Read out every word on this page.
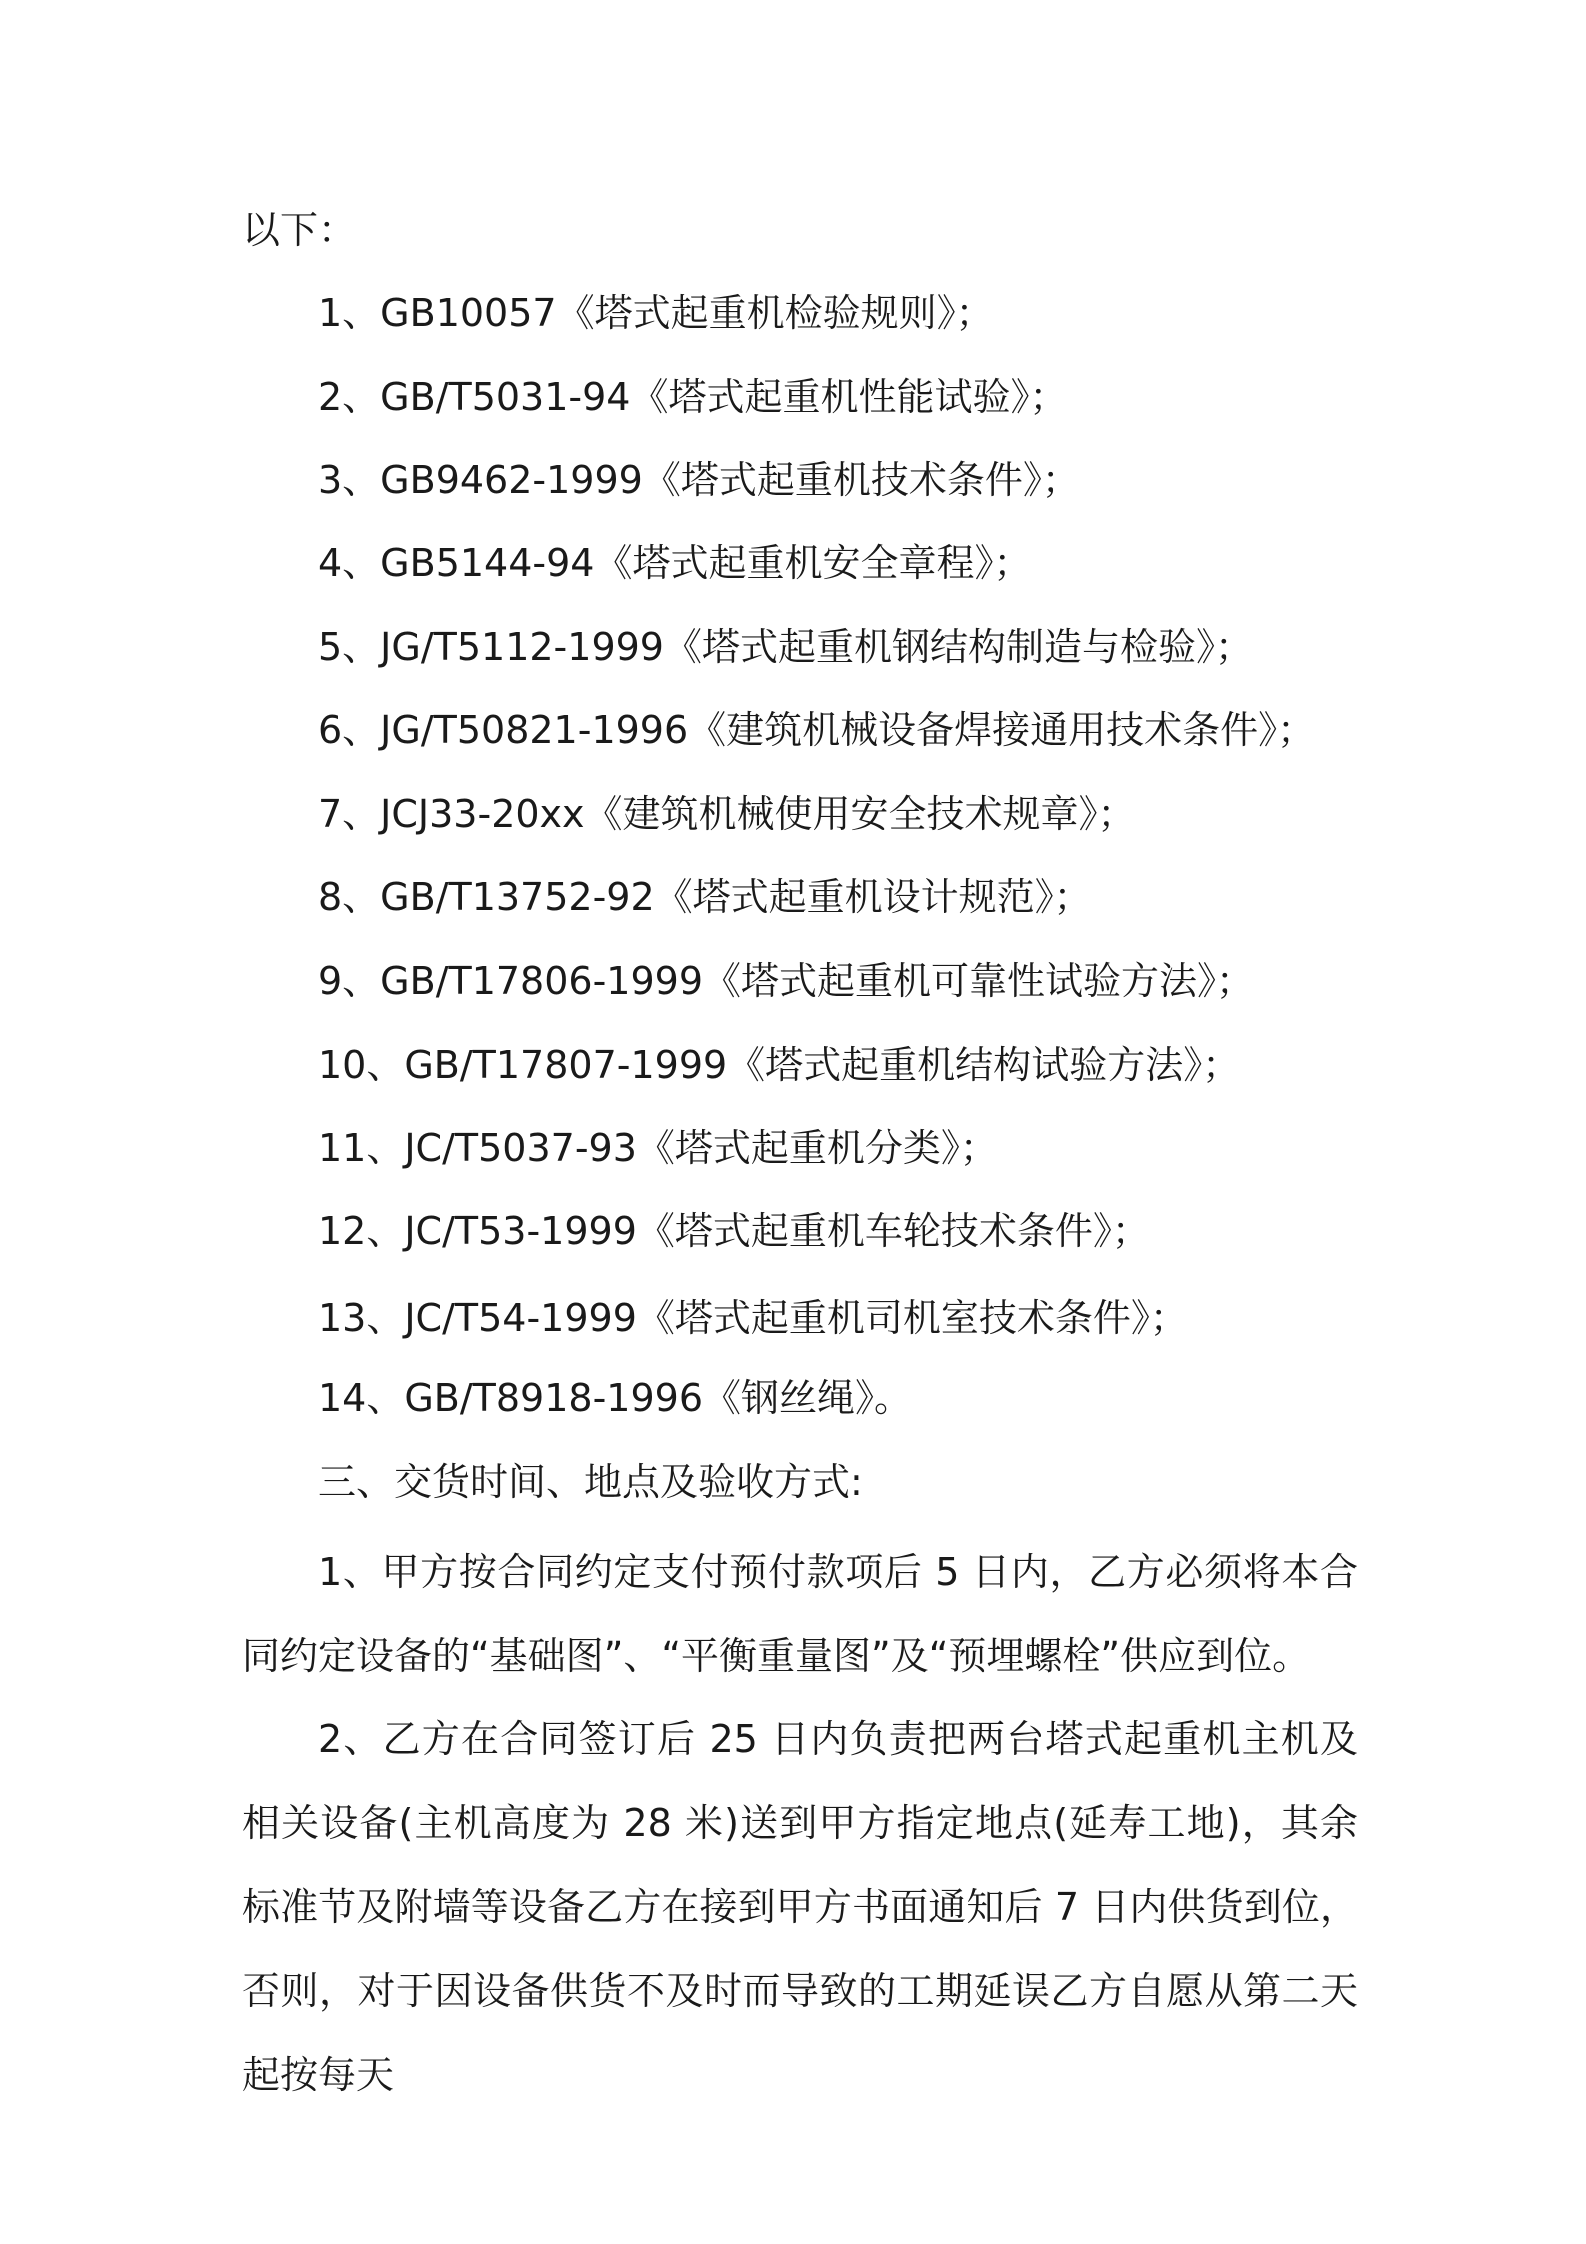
以下：
1、GB10057《塔式起重机检验规则》；
2、GB/T5031-94《塔式起重机性能试验》；
3、GB9462-1999《塔式起重机技术条件》；
4、GB5144-94《塔式起重机安全章程》；
5、JG/T5112-1999《塔式起重机钢结构制造与检验》；
6、JG/T50821-1996《建筑机械设备焊接通用技术条件》；
7、JCJ33-20xx《建筑机械使用安全技术规章》；
8、GB/T13752-92《塔式起重机设计规范》；
9、GB/T17806-1999《塔式起重机可靠性试验方法》；
10、GB/T17807-1999《塔式起重机结构试验方法》；
11、JC/T5037-93《塔式起重机分类》；
12、JC/T53-1999《塔式起重机车轮技术条件》；
13、JC/T54-1999《塔式起重机司机室技术条件》；
14、GB/T8918-1996《钢丝绳》。
三、交货时间、地点及验收方式:
1、甲方按合同约定支付预付款项后 5 日内，乙方必须将本合同约定设备的“基础图”、“平衡重量图”及“预埋螺栓”供应到位。
2、乙方在合同签订后 25 日内负责把两台塔式起重机主机及相关设备(主机高度为 28 米)送到甲方指定地点(延寿工地)，其余标准节及附墙等设备乙方在接到甲方书面通知后 7 日内供货到位，否则，对于因设备供货不及时而导致的工期延误乙方自愿从第二天起按每天
